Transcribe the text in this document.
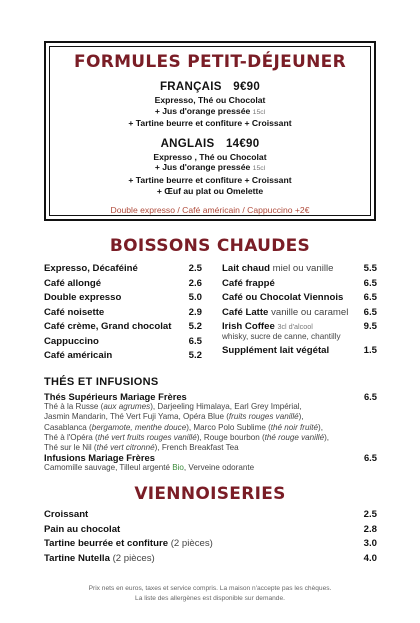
FORMULES PETIT-DÉJEUNER
FRANÇAIS 9€90
Expresso, Thé ou Chocolat
+ Jus d'orange pressée 15cl
+ Tartine beurre et confiture + Croissant
ANGLAIS 14€90
Expresso , Thé ou Chocolat
+ Jus d'orange pressée 15cl
+ Tartine beurre et confiture + Croissant
+ Œuf au plat ou Omelette
Double expresso / Café américain / Cappuccino +2€
BOISSONS CHAUDES
Expresso, Décaféiné	2.5
Café allongé	2.6
Double expresso	5.0
Café noisette	2.9
Café crème, Grand chocolat 5.2
Cappuccino	6.5
Café américain	5.2
Lait chaud miel ou vanille	5.5
Café frappé	6.5
Café ou Chocolat Viennois 6.5
Café Latte vanille ou caramel 6.5
Irish Coffee 3cl d'alcool	9.5
whisky, sucre de canne, chantilly
Supplément lait végétal	1.5
THÉS ET INFUSIONS
Thés Supérieurs Mariage Frères	6.5
Thé à la Russe (aux agrumes), Darjeeling Himalaya, Earl Grey Impérial,
Jasmin Mandarin, Thé Vert Fuji Yama, Opéra Blue (fruits rouges vanillé),
Casablanca (bergamote, menthe douce), Marco Polo Sublime (thé noir fruité),
Thé à l'Opéra (thé vert fruits rouges vanillé), Rouge bourbon (thé rouge vanillé),
Thé sur le Nil (thé vert citronné), French Breakfast Tea
Infusions Mariage Frères	6.5
Camomille sauvage, Tilleul argenté Bio, Verveine odorante
VIENNOISERIES
Croissant	2.5
Pain au chocolat	2.8
Tartine beurrée et confiture (2 pièces)	3.0
Tartine Nutella (2 pièces)	4.0
Prix nets en euros, taxes et service compris. La maison n'accepte pas les chèques.
La liste des allergènes est disponible sur demande.
